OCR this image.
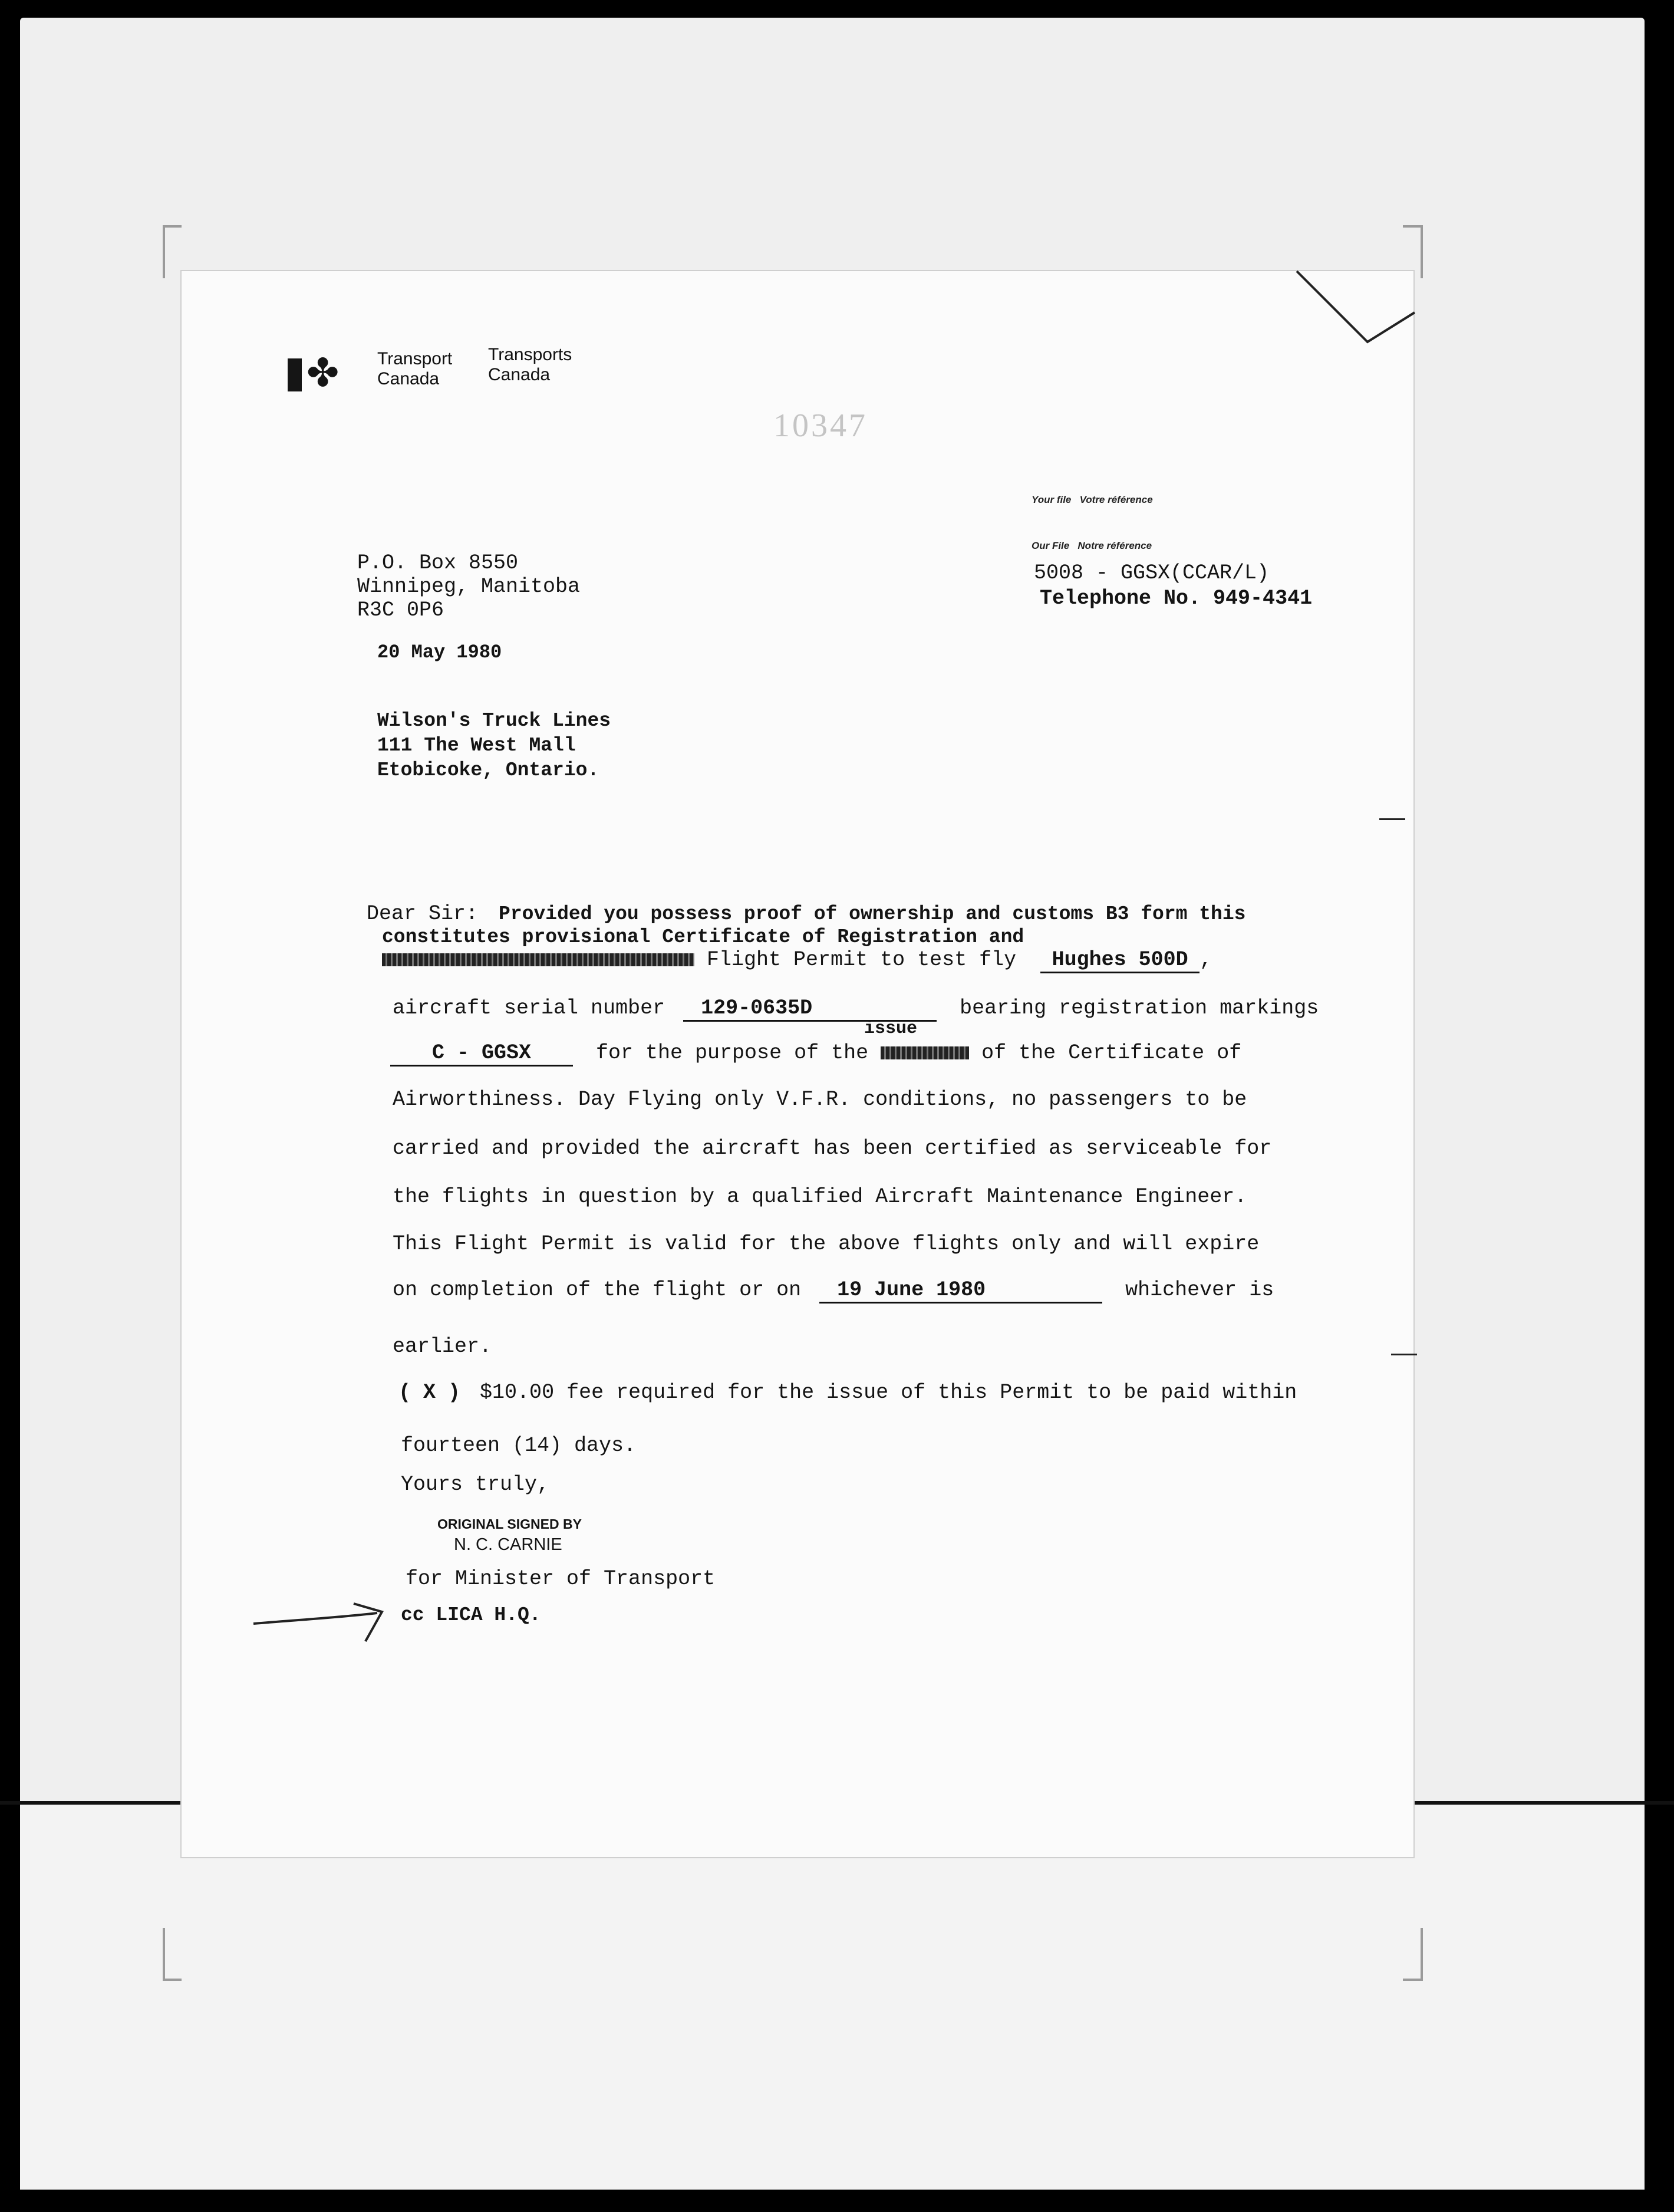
✤ Transport
Canada
Transports
Canada
10347
Your file Votre référence
Our File Notre référence
5008 - GGSX(CCAR/L)
Telephone No. 949-4341
P.O. Box 8550
Winnipeg, Manitoba
R3C 0P6
20 May 1980
Wilson's Truck Lines
111 The West Mall
Etobicoke, Ontario.
Dear Sir: Provided you possess proof of ownership and customs B3 form this
constitutes provisional Certificate of Registration and
Flight Permit to test fly Hughes 500D ,
aircraft serial number 129-0635D	bearing registration markings
issue
C - GGSX	for the purpose of the	of the Certificate of
Airworthiness. Day Flying only V.F.R. conditions, no passengers to be
carried and provided the aircraft has been certified as serviceable for
the flights in question by a qualified Aircraft Maintenance Engineer.
This Flight Permit is valid for the above flights only and will expire
on completion of the flight or on 19 June 1980	whichever is
earlier.
( X ) $10.00 fee required for the issue of this Permit to be paid within
fourteen (14) days.
Yours truly,
ORIGINAL SIGNED BY
N. C. CARNIE
for Minister of Transport
cc LICA H.Q.
